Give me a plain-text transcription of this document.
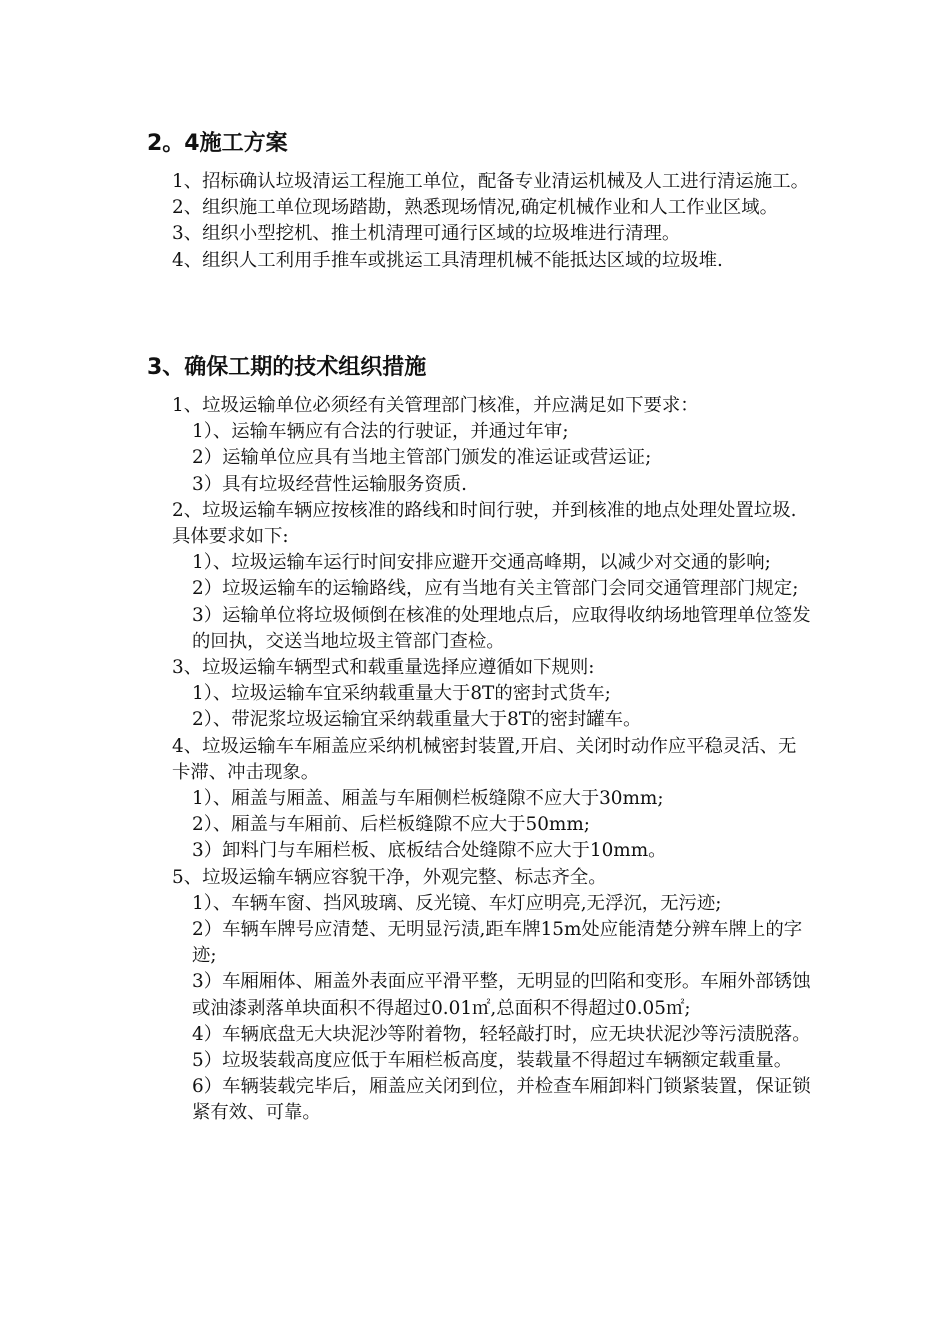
2。4施工方案

1、招标确认垃圾清运工程施工单位，配备专业清运机械及人工进行清运施工。

2、组织施工单位现场踏勘，熟悉现场情况,确定机械作业和人工作业区域。

3、组织小型挖机、推土机清理可通行区域的垃圾堆进行清理。

4、组织人工利用手推车或挑运工具清理机械不能抵达区域的垃圾堆.

3、确保工期的技术组织措施

1、垃圾运输单位必须经有关管理部门核准，并应满足如下要求：

1）、运输车辆应有合法的行驶证，并通过年审;

2）运输单位应具有当地主管部门颁发的准运证或营运证;

3）具有垃圾经营性运输服务资质.

2、垃圾运输车辆应按核准的路线和时间行驶，并到核准的地点处理处置垃圾.具体要求如下:

1）、垃圾运输车运行时间安排应避开交通高峰期，以减少对交通的影响;

2）垃圾运输车的运输路线，应有当地有关主管部门会同交通管理部门规定;

3）运输单位将垃圾倾倒在核准的处理地点后，应取得收纳场地管理单位签发的回执，交送当地垃圾主管部门查检。

3、垃圾运输车辆型式和载重量选择应遵循如下规则:

1）、垃圾运输车宜采纳载重量大于8T的密封式货车;

2）、带泥浆垃圾运输宜采纳载重量大于8T的密封罐车。

4、垃圾运输车车厢盖应采纳机械密封装置,开启、关闭时动作应平稳灵活、无卡滞、冲击现象。

1）、厢盖与厢盖、厢盖与车厢侧栏板缝隙不应大于30mm;

2）、厢盖与车厢前、后栏板缝隙不应大于50mm;

3）卸料门与车厢栏板、底板结合处缝隙不应大于10mm。

5、垃圾运输车辆应容貌干净，外观完整、标志齐全。

1）、车辆车窗、挡风玻璃、反光镜、车灯应明亮,无浮沉，无污迹;

2）车辆车牌号应清楚、无明显污渍,距车牌15m处应能清楚分辨车牌上的字迹;

3）车厢厢体、厢盖外表面应平滑平整，无明显的凹陷和变形。车厢外部锈蚀或油漆剥落单块面积不得超过0.01㎡,总面积不得超过0.05㎡;

4）车辆底盘无大块泥沙等附着物，轻轻敲打时，应无块状泥沙等污渍脱落。

5）垃圾装载高度应低于车厢栏板高度，装载量不得超过车辆额定载重量。

6）车辆装载完毕后，厢盖应关闭到位，并检查车厢卸料门锁紧装置，保证锁紧有效、可靠。
